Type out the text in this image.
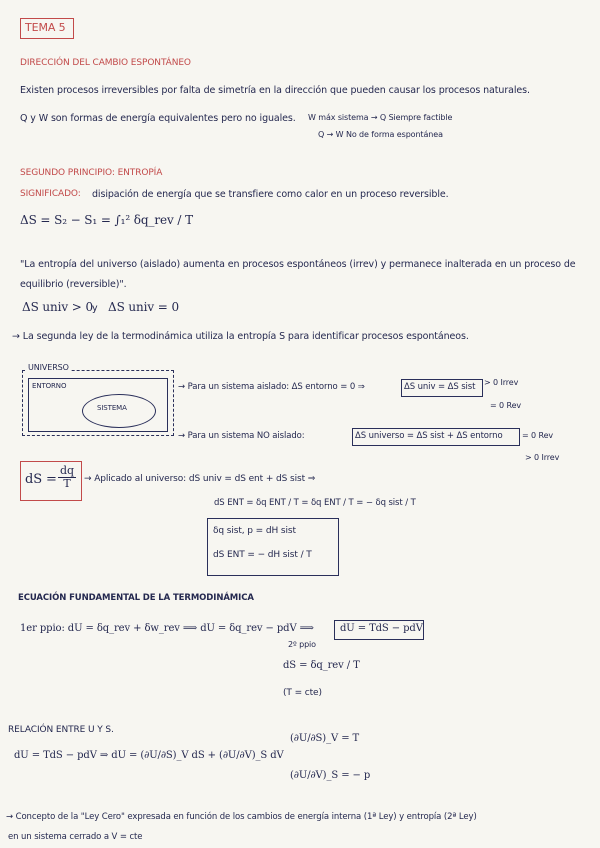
TEMA 5
DIRECCIÓN DEL CAMBIO ESPONTÁNEO
Existen procesos irreversibles por falta de simetría en la dirección que pueden causar los procesos naturales.
Q y W son formas de energía equivalentes pero no iguales. W máx sistema → Q Siempre factible
Q → W No de forma espontánea
SEGUNDO PRINCIPIO: ENTROPÍA
SIGNIFICADO: disipación de energía que se transfiere como calor en un proceso reversible.
ΔS = S₂ − S₁ = ∫₁² δq_rev / T
"La entropía del universo (aislado) aumenta en procesos espontáneos (irrev) y permanece inalterada en un proceso de equilibrio (reversible)".
ΔS univ > 0 y ΔS univ = 0
→ La segunda ley de la termodinámica utiliza la entropía S para identificar procesos espontáneos.
UNIVERSO
ENTORNO
SISTEMA
→ Para un sistema aislado: ΔS entorno = 0 ⇒	ΔS univ = ΔS sist > 0 Irrev
= 0 Rev
→ Para un sistema NO aislado:	ΔS universo = ΔS sist + ΔS entorno = 0 Rev
> 0 Irrev
dS = $\frac{dq}{T}$ → Aplicado al universo: dS univ = dS ent + dS sist ⇒
dS ENT = δq ENT / T = δq ENT / T = − δq sist / T
δq sist, p = dH sist
dS ENT = − dH sist / T
ECUACIÓN FUNDAMENTAL DE LA TERMODINÁMICA
1er ppio: dU = δq_rev + δw_rev ⟹ dU = δq_rev − pdV ⟹	dU = TdS − pdV
2º ppio
dS = δq_rev / T
(T = cte)
RELACIÓN ENTRE U Y S.
dU = TdS − pdV ⇒ dU = (∂U/∂S)_V dS + (∂U/∂V)_S dV
(∂U/∂S)_V = T
(∂U/∂V)_S = − p
→ Concepto de la "Ley Cero" expresada en función de los cambios de energía interna (1ª Ley) y entropía (2ª Ley)
en un sistema cerrado a V = cte
